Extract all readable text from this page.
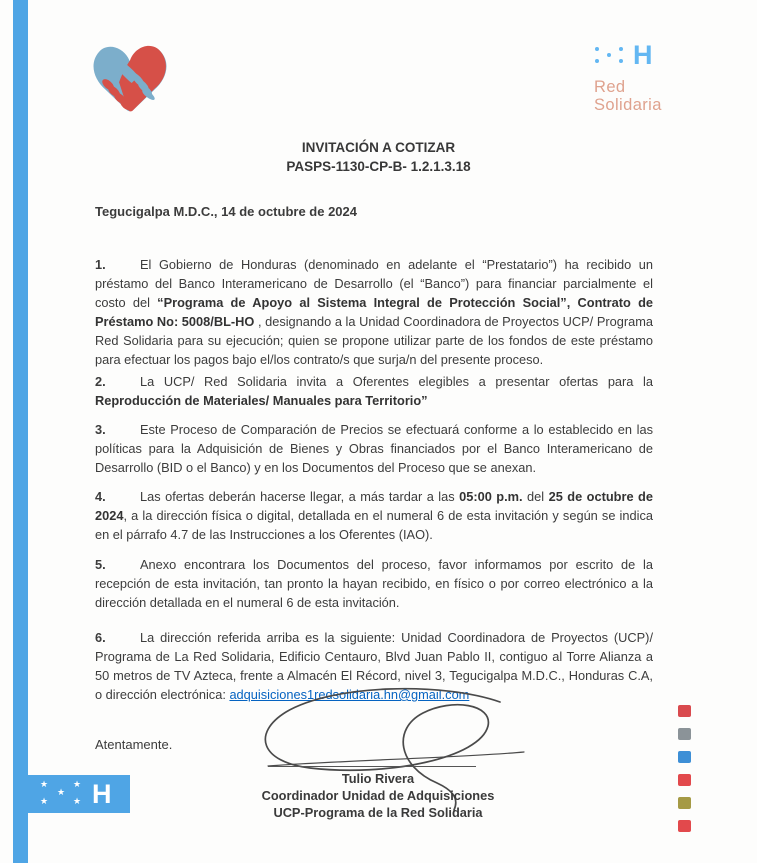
H
Red
Solidaria
INVITACIÓN A COTIZAR
PASPS-1130-CP-B- 1.2.1.3.18
Tegucigalpa M.D.C., 14 de octubre de 2024

1.	El Gobierno de Honduras (denominado en adelante el “Prestatario”) ha recibido un préstamo del Banco Interamericano de Desarrollo (el “Banco”) para financiar parcialmente el costo del “Programa de Apoyo al Sistema Integral de Protección Social”, Contrato de Préstamo No: 5008/BL-HO , designando a la Unidad Coordinadora de Proyectos UCP/ Programa Red Solidaria para su ejecución; quien se propone utilizar parte de los fondos de este préstamo para efectuar los pagos bajo el/los contrato/s que surja/n del presente proceso.

2.	La UCP/ Red Solidaria invita a Oferentes elegibles a presentar ofertas para la Reproducción de Materiales/ Manuales para Territorio”

3.	Este Proceso de Comparación de Precios se efectuará conforme a lo establecido en las políticas para la Adquisición de Bienes y Obras financiados por el Banco Interamericano de Desarrollo (BID o el Banco) y en los Documentos del Proceso que se anexan.

4.	Las ofertas deberán hacerse llegar, a más tardar a las 05:00 p.m. del 25 de octubre de 2024, a la dirección física o digital, detallada en el numeral 6 de esta invitación y según se indica en el párrafo 4.7 de las Instrucciones a los Oferentes (IAO).

5.	Anexo encontrara los Documentos del proceso, favor informamos por escrito de la recepción de esta invitación, tan pronto la hayan recibido, en físico o por correo electrónico a la dirección detallada en el numeral 6 de esta invitación.

6.	La dirección referida arriba es la siguiente: Unidad Coordinadora de Proyectos (UCP)/ Programa de La Red Solidaria, Edificio Centauro, Blvd Juan Pablo II, contiguo al Torre Alianza a 50 metros de TV Azteca, frente a Almacén El Récord, nivel 3, Tegucigalpa M.D.C., Honduras C.A, o dirección electrónica: adquisiciones1redsolidaria.hn@gmail.com

Atentamente.
Tulio Rivera
Coordinador Unidad de Adquisiciones
UCP-Programa de la Red Solidaria
★
★
★
★
★ H
